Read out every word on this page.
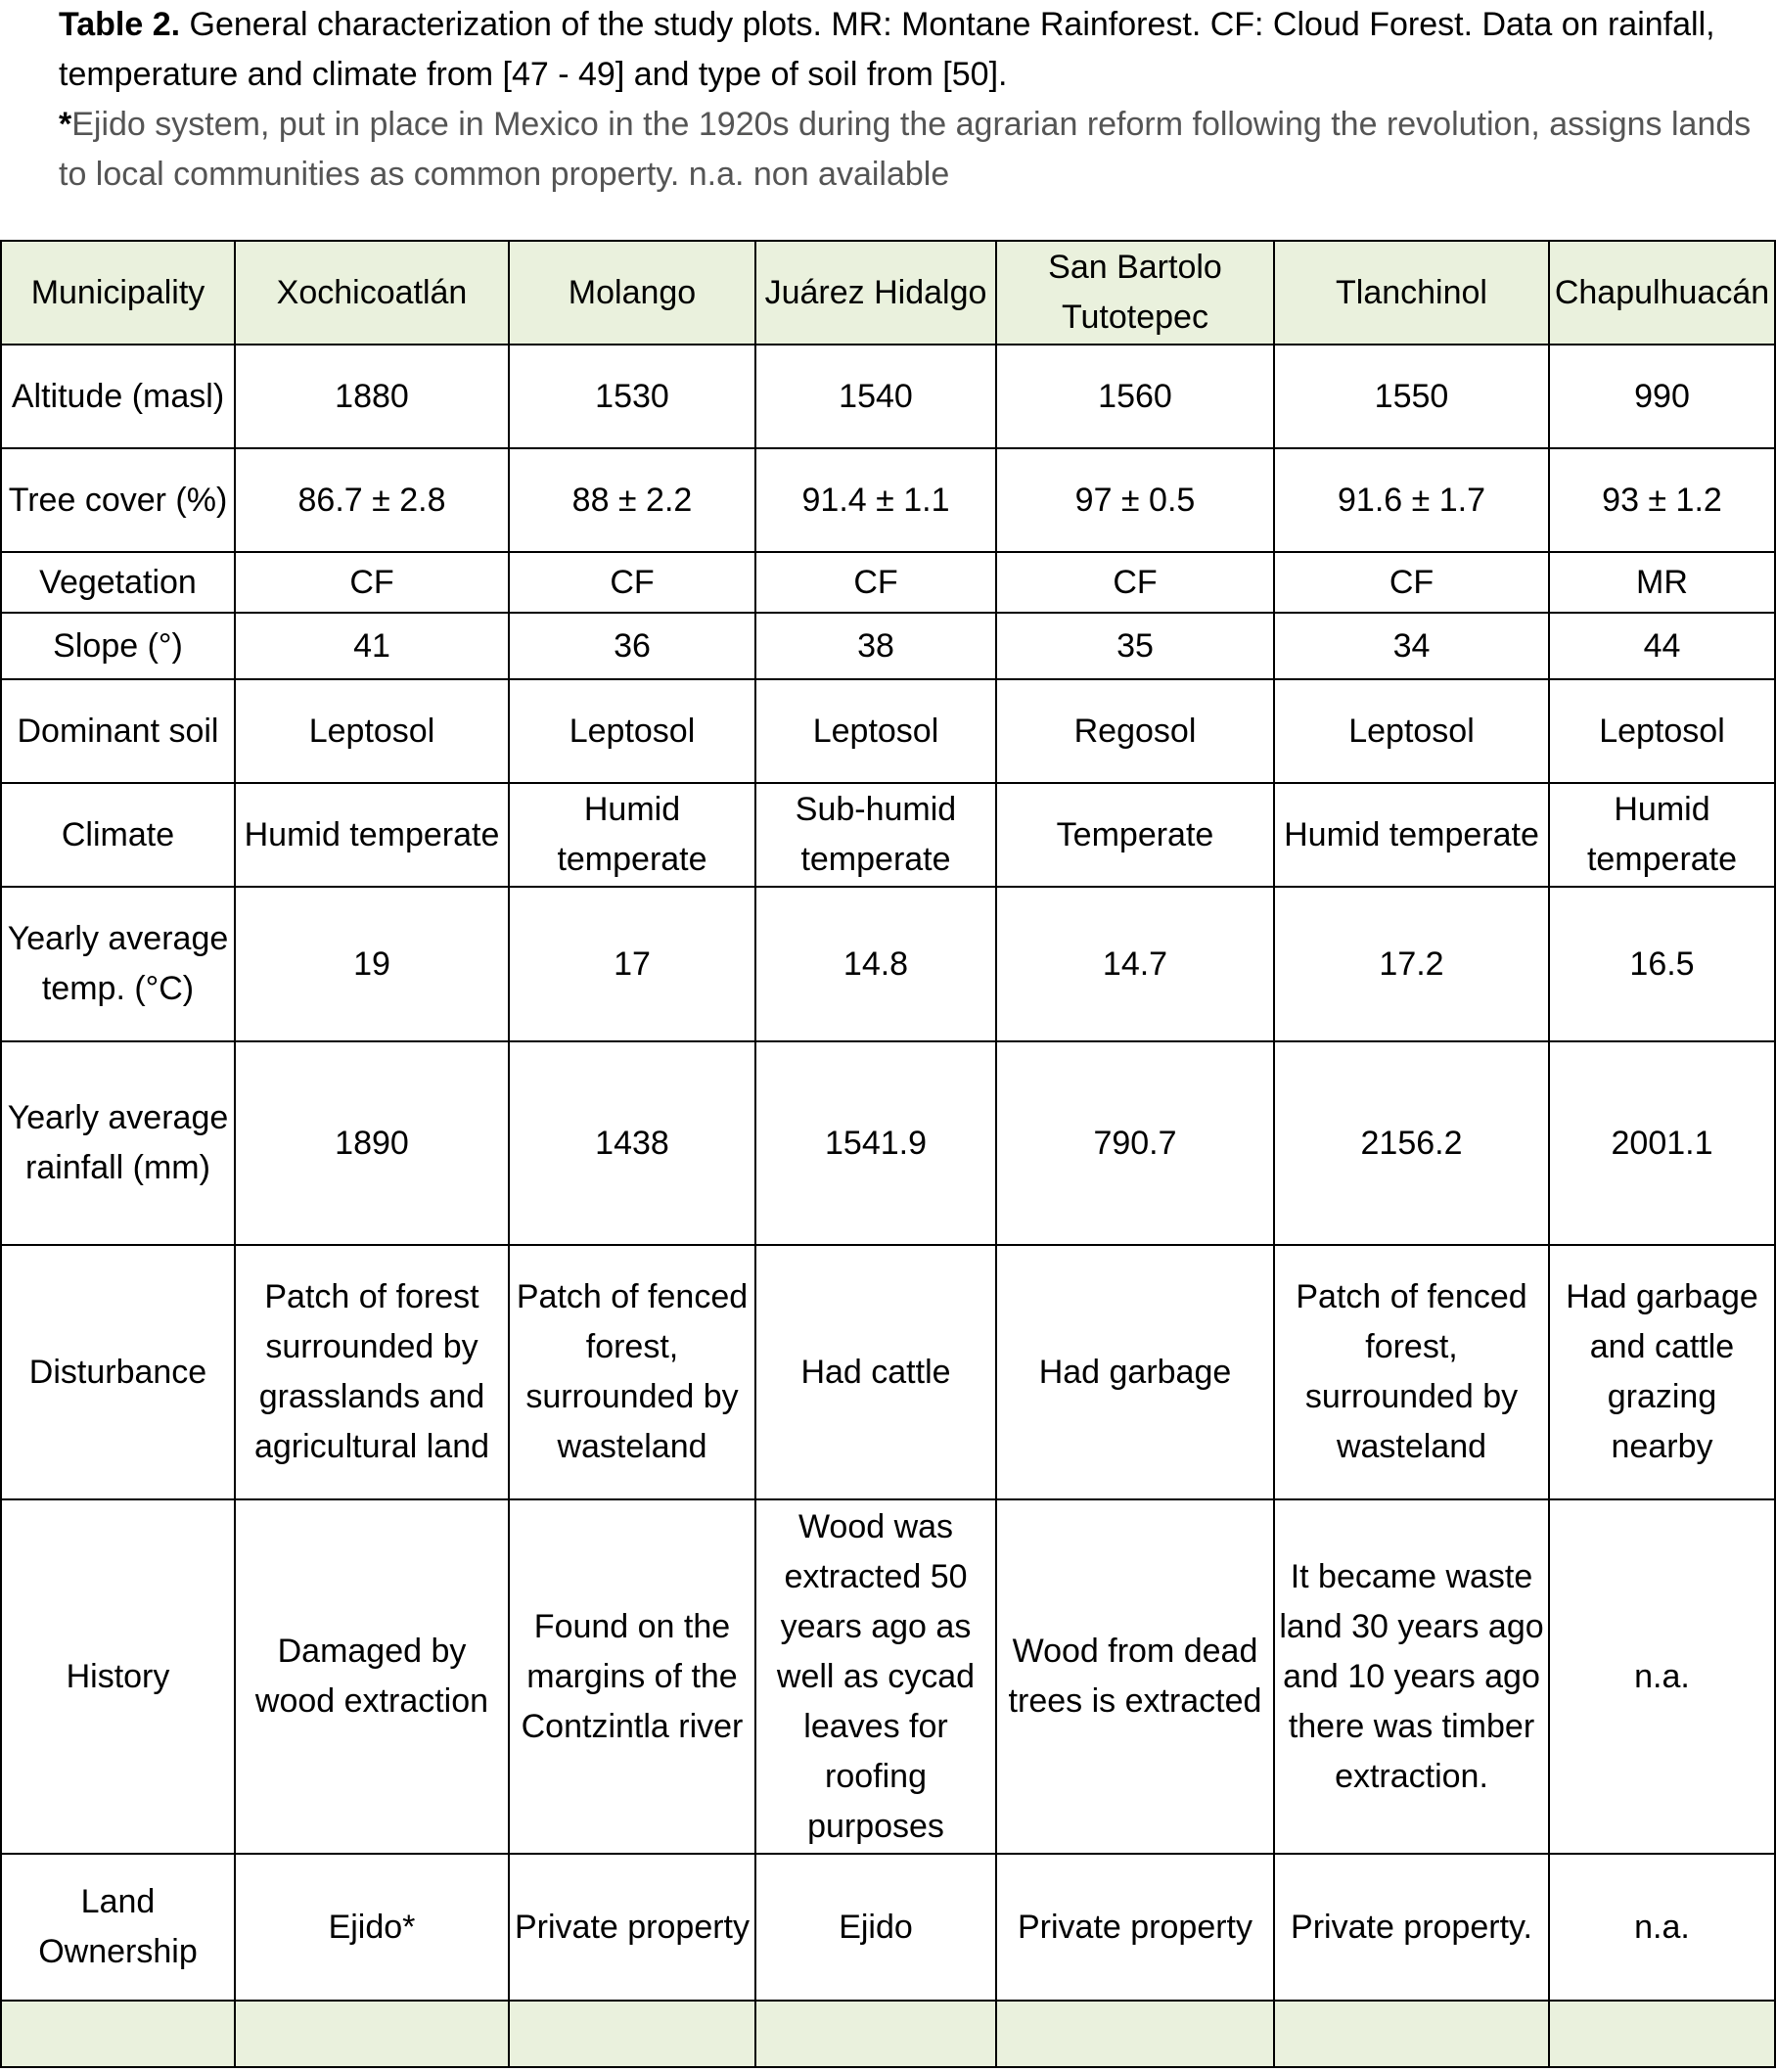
Table 2. General characterization of the study plots. MR: Montane Rainforest. CF: Cloud Forest. Data on rainfall, temperature and climate from [47 - 49] and type of soil from [50].

*Ejido system, put in place in Mexico in the 1920s during the agrarian reform following the revolution, assigns lands to local communities as common property. n.a. non available

Municipality	Xochicoatlán	Molango	Juárez Hidalgo	San Bartolo Tutotepec	Tlanchinol	Chapulhuacán
Altitude (masl)	1880	1530	1540	1560	1550	990
Tree cover (%)	86.7 ± 2.8	88 ± 2.2	91.4 ± 1.1	97 ± 0.5	91.6 ± 1.7	93 ± 1.2
Vegetation	CF	CF	CF	CF	CF	MR
Slope (°)	41	36	38	35	34	44
Dominant soil	Leptosol	Leptosol	Leptosol	Regosol	Leptosol	Leptosol
Climate	Humid temperate	Humid temperate	Sub-humid temperate	Temperate	Humid temperate	Humid temperate
Yearly average temp. (°C)	19	17	14.8	14.7	17.2	16.5
Yearly average rainfall (mm)	1890	1438	1541.9	790.7	2156.2	2001.1
Disturbance	Patch of forest surrounded by grasslands and agricultural land	Patch of fenced forest, surrounded by wasteland	Had cattle	Had garbage	Patch of fenced forest, surrounded by wasteland	Had garbage and cattle grazing nearby
History	Damaged by wood extraction	Found on the margins of the Contzintla river	Wood was extracted 50 years ago as well as cycad leaves for roofing purposes	Wood from dead trees is extracted	It became waste land 30 years ago and 10 years ago there was timber extraction.	n.a.
Land Ownership	Ejido*	Private property	Ejido	Private property	Private property.	n.a.
